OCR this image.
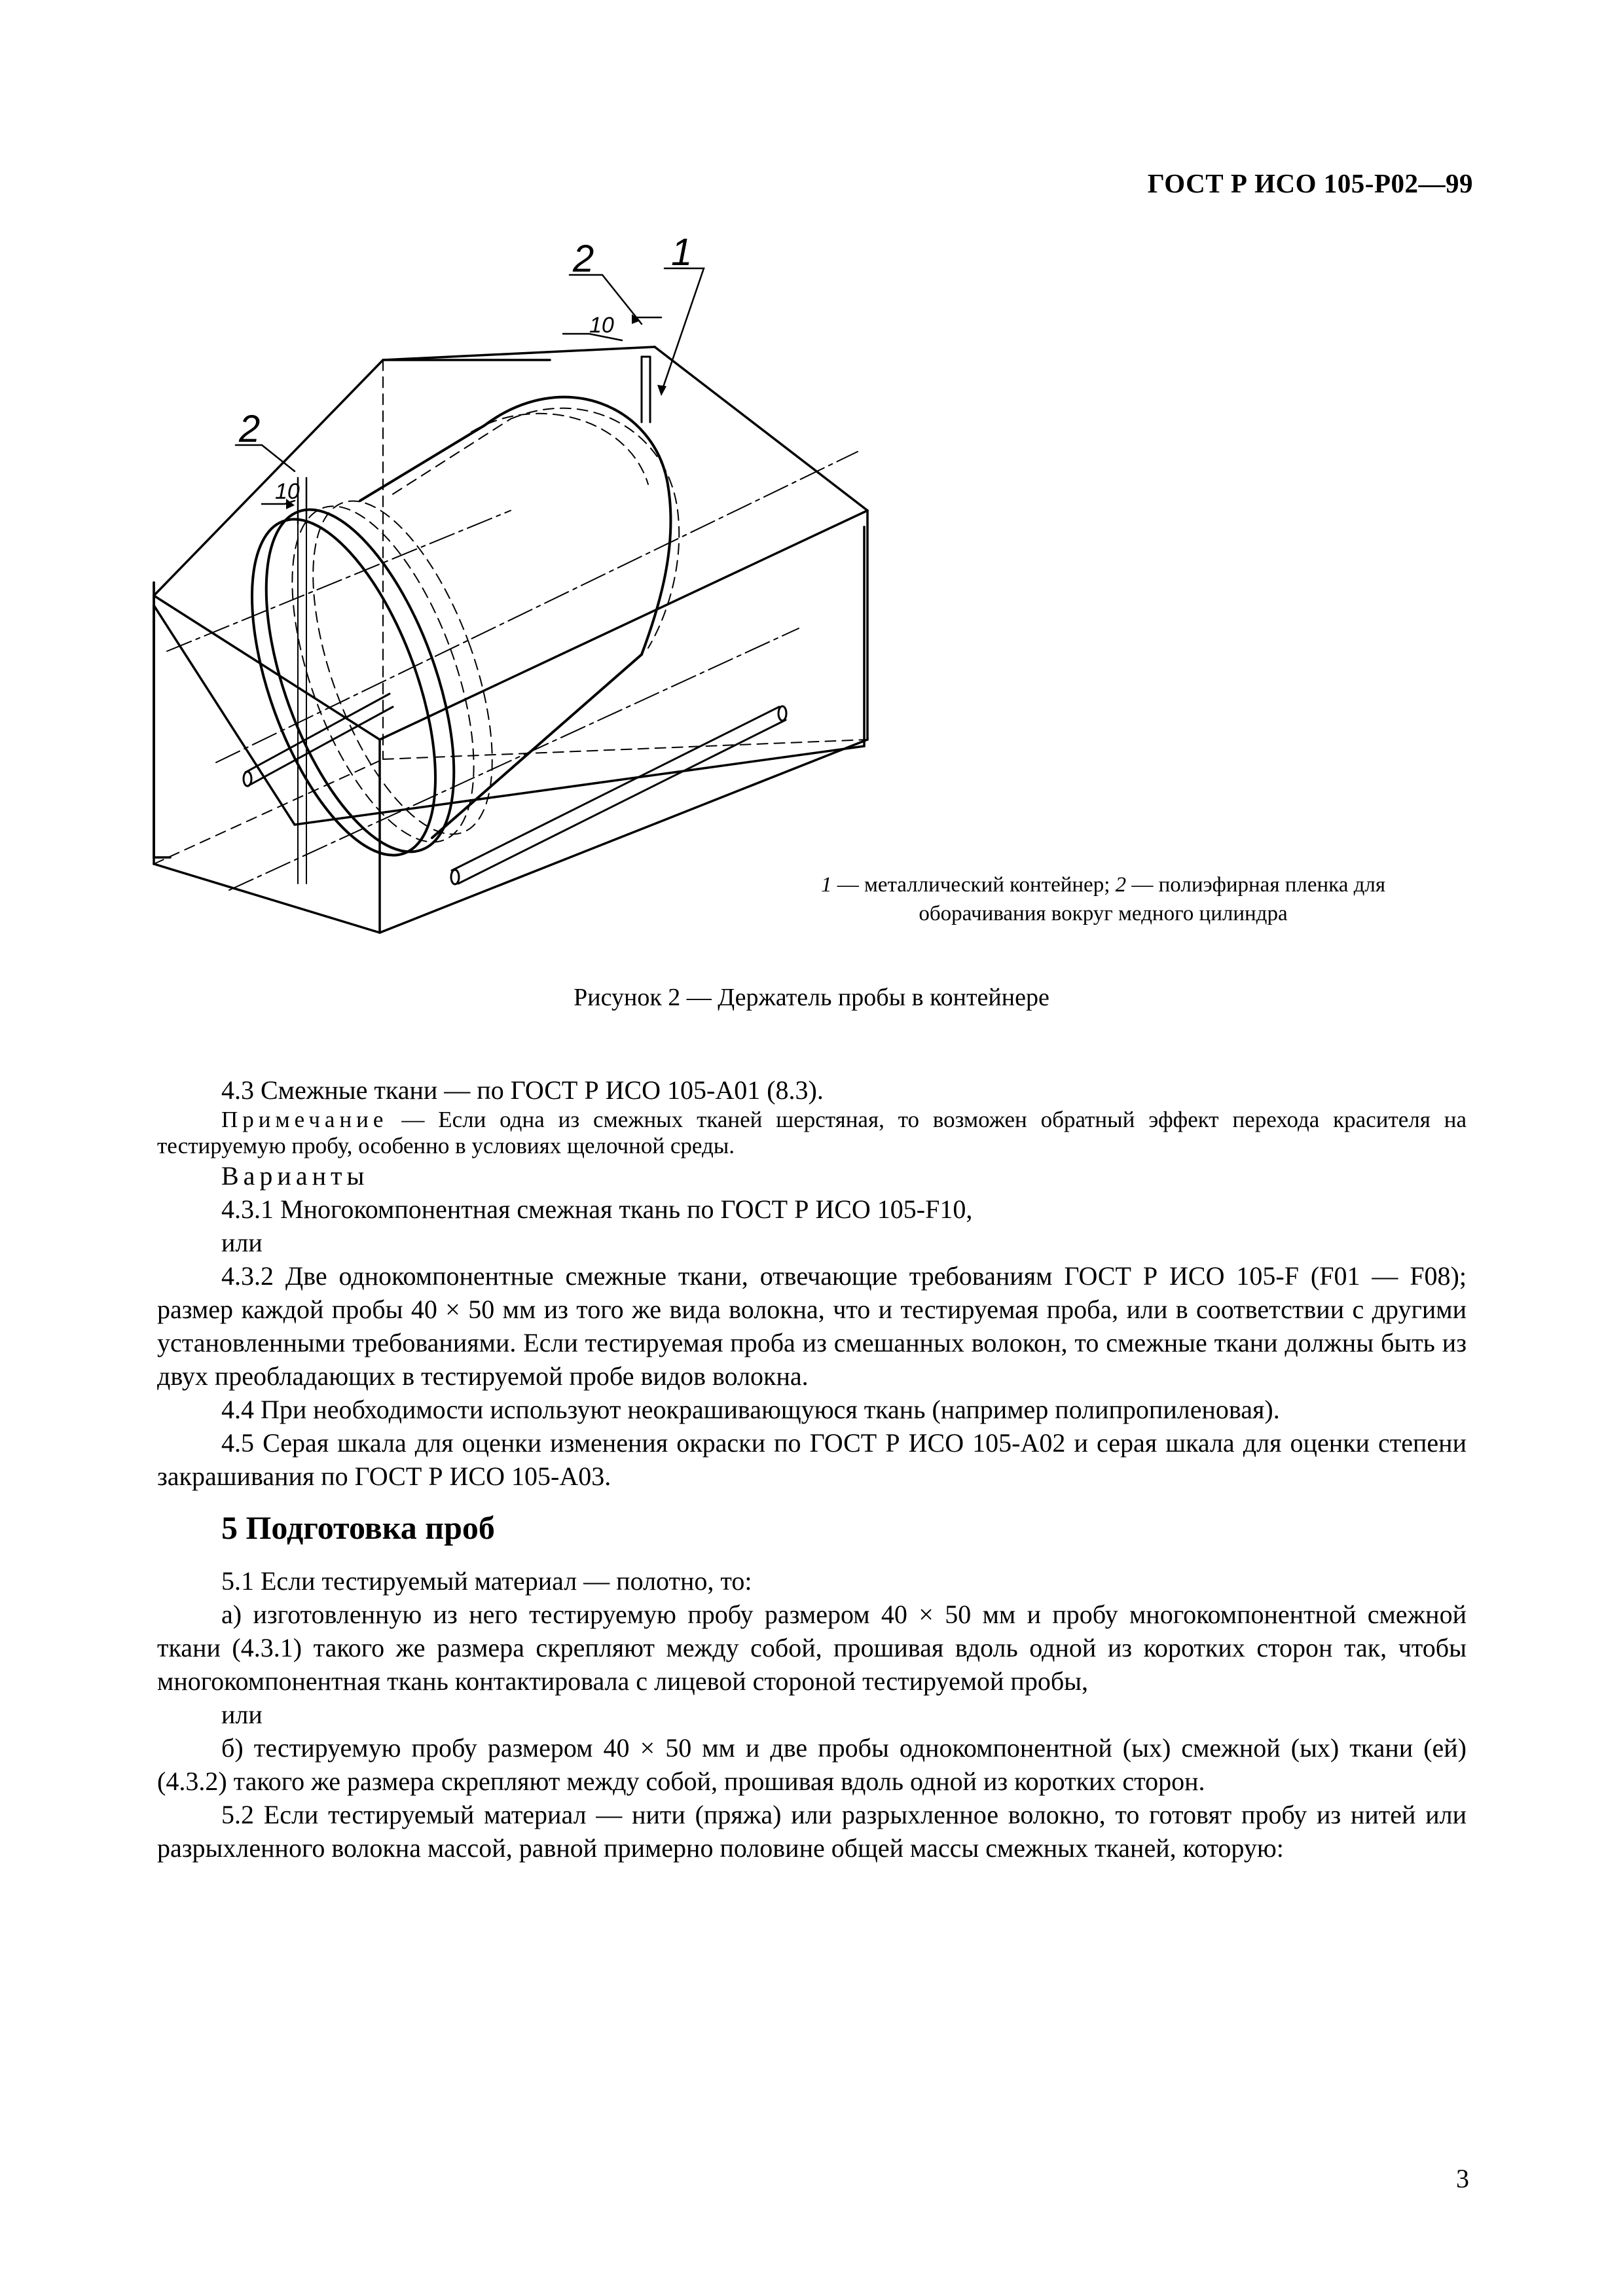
ГОСТ Р ИСО 105-Р02—99
1
2
10
2
10
1 — металлический контейнер; 2 — полиэфирная пленка для
оборачивания вокруг медного цилиндра
Рисунок 2 — Держатель пробы в контейнере

4.3 Смежные ткани — по ГОСТ Р ИСО 105-А01 (8.3).

Примечание — Если одна из смежных тканей шерстяная, то возможен обратный эффект перехода красителя на тестируемую пробу, особенно в условиях щелочной среды.

Варианты

4.3.1 Многокомпонентная смежная ткань по ГОСТ Р ИСО 105-F10,

или

4.3.2 Две однокомпонентные смежные ткани, отвечающие требованиям ГОСТ Р ИСО 105-F (F01 — F08); размер каждой пробы 40 × 50 мм из того же вида волокна, что и тестируемая проба, или в соответствии с другими установленными требованиями. Если тестируемая проба из смешанных волокон, то смежные ткани должны быть из двух преобладающих в тестируемой пробе видов волокна.

4.4 При необходимости используют неокрашивающуюся ткань (например полипропиленовая).

4.5 Серая шкала для оценки изменения окраски по ГОСТ Р ИСО 105-А02 и серая шкала для оценки степени закрашивания по ГОСТ Р ИСО 105-А03.

5 Подготовка проб

5.1 Если тестируемый материал — полотно, то:

а) изготовленную из него тестируемую пробу размером 40 × 50 мм и пробу многокомпонентной смежной ткани (4.3.1) такого же размера скрепляют между собой, прошивая вдоль одной из коротких сторон так, чтобы многокомпонентная ткань контактировала с лицевой стороной тестируемой пробы,

или

б) тестируемую пробу размером 40 × 50 мм и две пробы однокомпонентной (ых) смежной (ых) ткани (ей) (4.3.2) такого же размера скрепляют между собой, прошивая вдоль одной из коротких сторон.

5.2 Если тестируемый материал — нити (пряжа) или разрыхленное волокно, то готовят пробу из нитей или разрыхленного волокна массой, равной примерно половине общей массы смежных тканей, которую:

3
